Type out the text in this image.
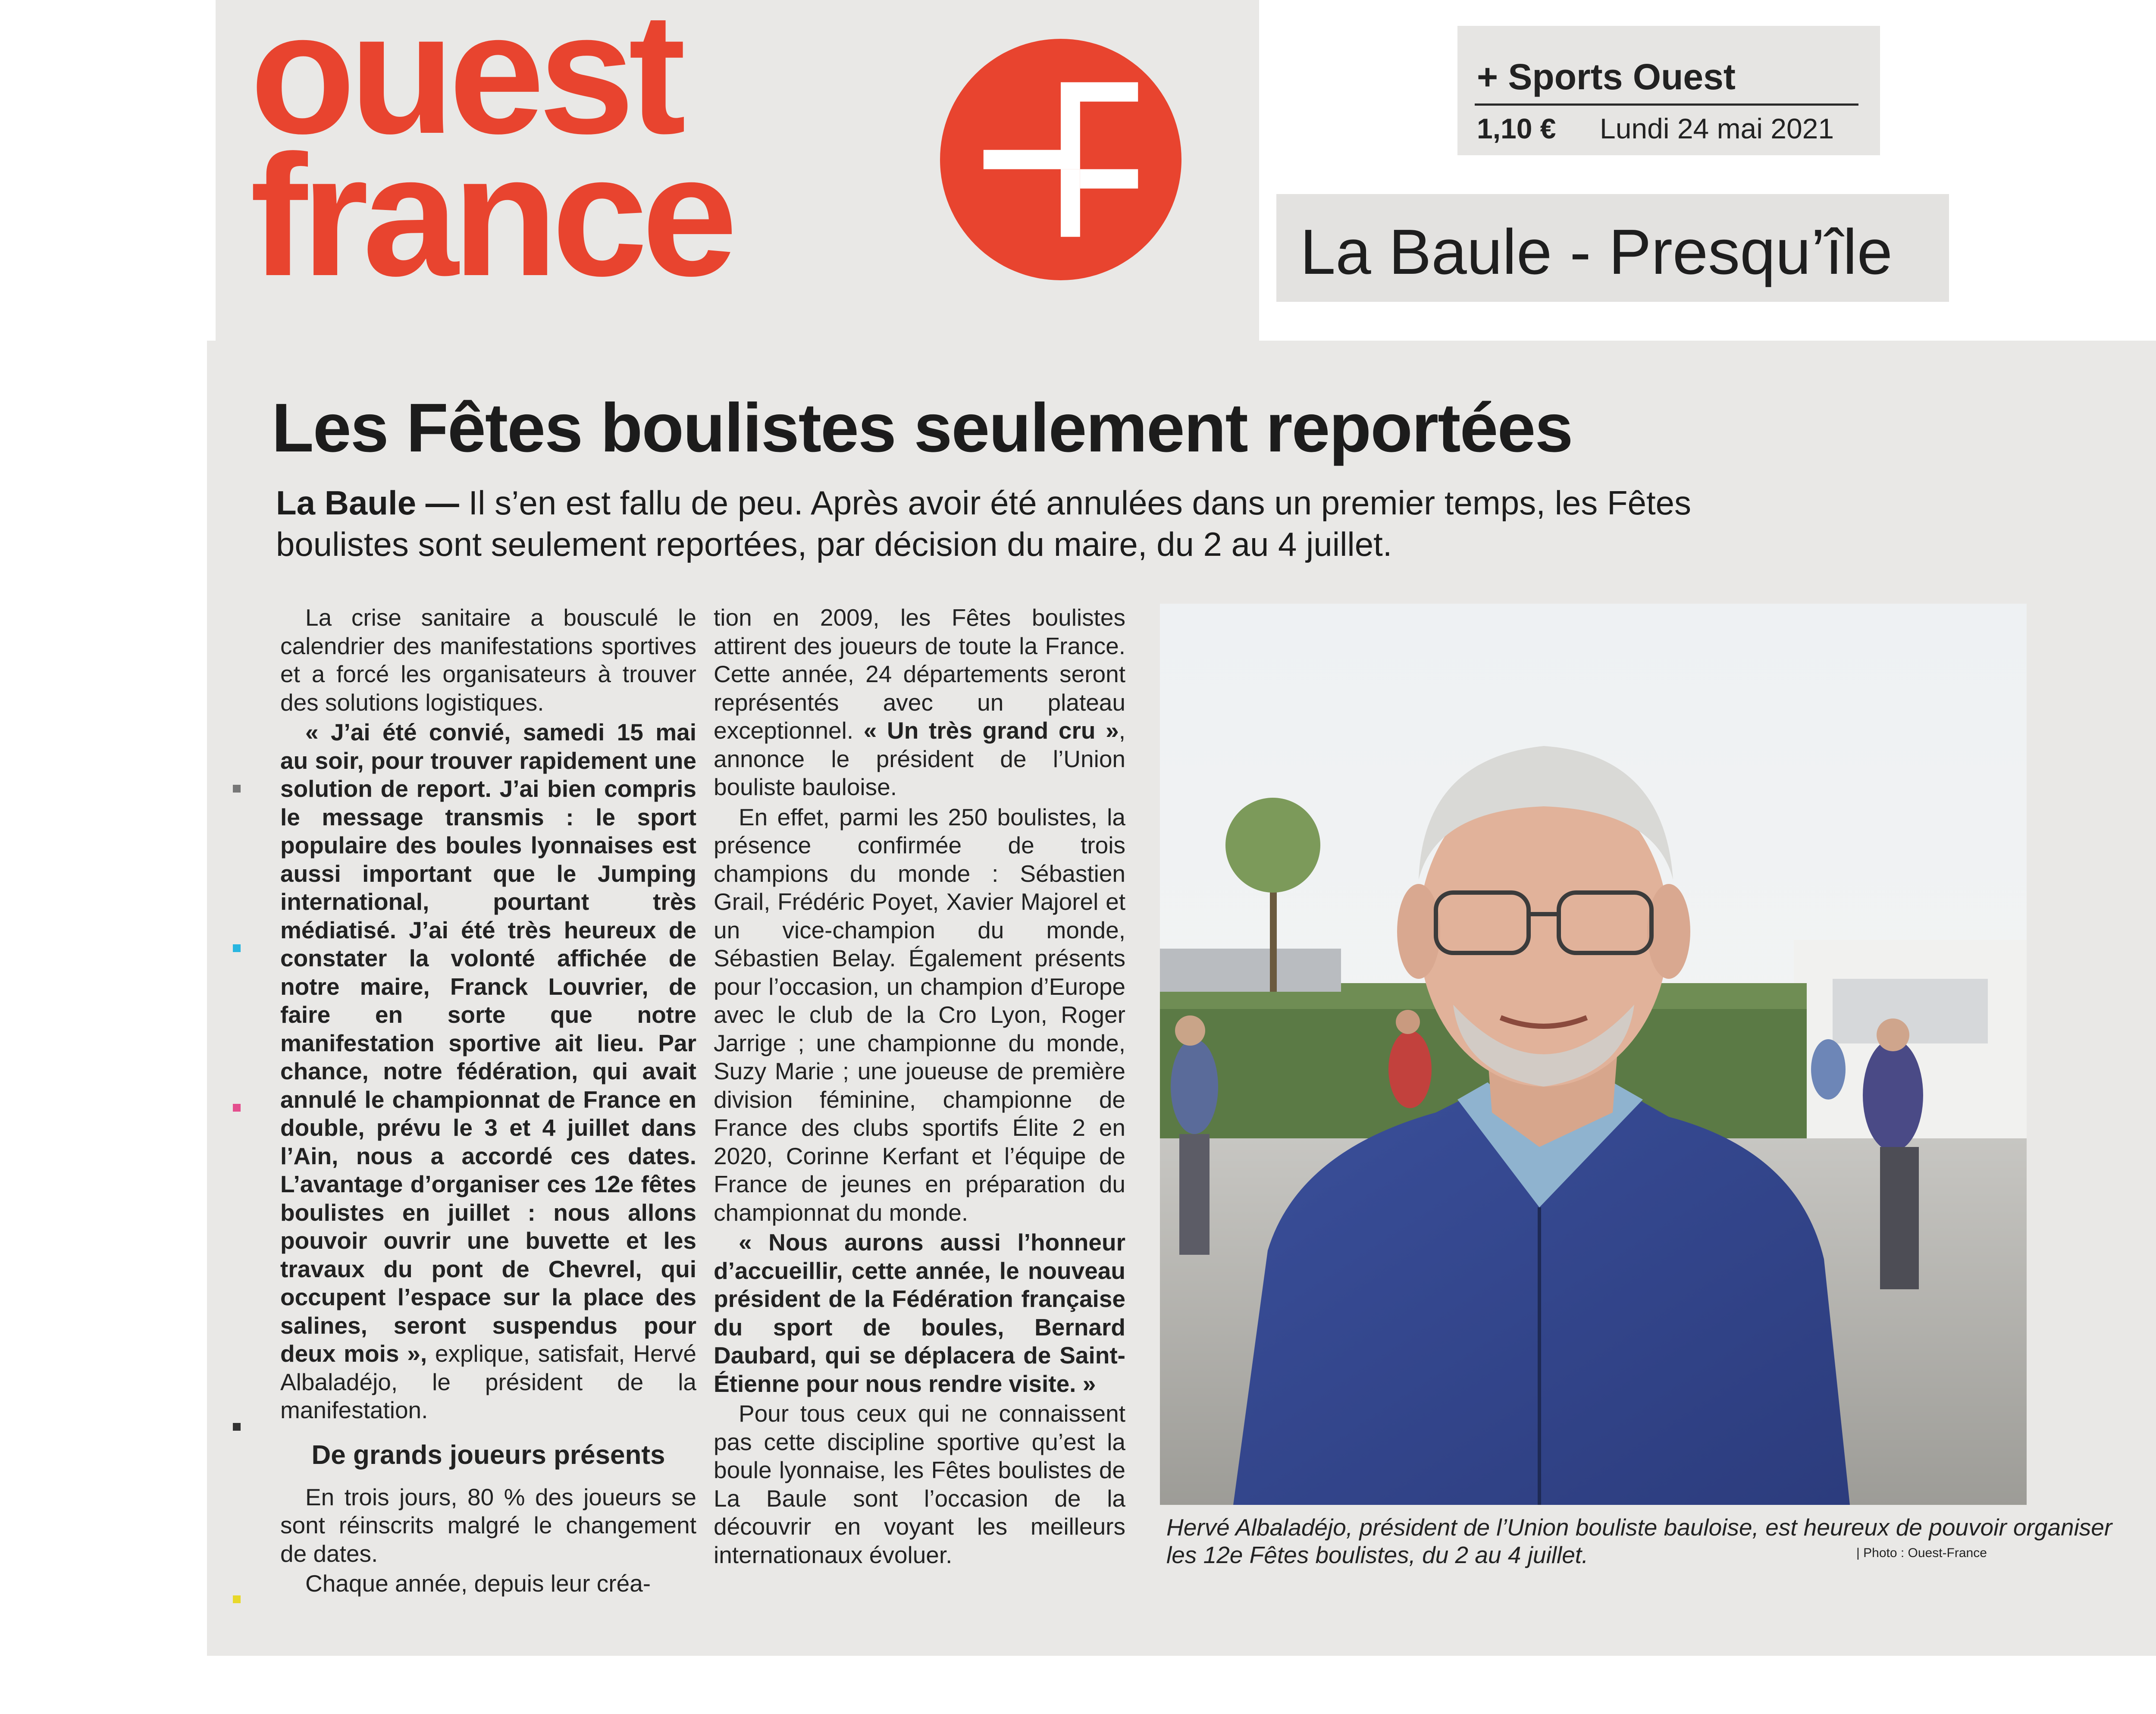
ouest
france
+ Sports Ouest
1,10 € Lundi 24 mai 2021
La Baule - Presqu’île
Les Fêtes boulistes seulement reportées
La Baule — Il s’en est fallu de peu. Après avoir été annulées dans un premier temps, les Fêtes
boulistes sont seulement reportées, par décision du maire, du 2 au 4 juillet.

La crise sanitaire a bousculé le calendrier des manifestations sportives et a forcé les organisateurs à trouver des solutions logistiques.

« J’ai été convié, samedi 15 mai au soir, pour trouver rapidement une solution de report. J’ai bien compris le message transmis : le sport populaire des boules lyonnaises est aussi important que le Jumping international, pourtant très médiatisé. J’ai été très heureux de constater la volonté affichée de notre maire, Franck Louvrier, de faire en sorte que notre manifestation sportive ait lieu. Par chance, notre fédération, qui avait annulé le championnat de France en double, prévu le 3 et 4 juillet dans l’Ain, nous a accordé ces dates. L’avantage d’organiser ces 12e fêtes boulistes en juillet : nous allons pouvoir ouvrir une buvette et les travaux du pont de Chevrel, qui occupent l’espace sur la place des salines, seront suspendus pour deux mois », explique, satisfait, Hervé Albaladéjo, le président de la manifestation.

De grands joueurs présents

En trois jours, 80 % des joueurs se sont réinscrits malgré le changement de dates.

Chaque année, depuis leur créa-

tion en 2009, les Fêtes boulistes attirent des joueurs de toute la France. Cette année, 24 départements seront représentés avec un plateau exceptionnel. « Un très grand cru », annonce le président de l’Union bouliste bauloise.

En effet, parmi les 250 boulistes, la présence confirmée de trois champions du monde : Sébastien Grail, Frédéric Poyet, Xavier Majorel et un vice-champion du monde, Sébastien Belay. Également présents pour l’occasion, un champion d’Europe avec le club de la Cro Lyon, Roger Jarrige ; une championne du monde, Suzy Marie ; une joueuse de première division féminine, championne de France des clubs sportifs Élite 2 en 2020, Corinne Kerfant et l’équipe de France de jeunes en préparation du championnat du monde.

« Nous aurons aussi l’honneur d’accueillir, cette année, le nouveau président de la Fédération française du sport de boules, Bernard Daubard, qui se déplacera de Saint-Étienne pour nous rendre visite. »

Pour tous ceux qui ne connaissent pas cette discipline sportive qu’est la boule lyonnaise, les Fêtes boulistes de La Baule sont l’occasion de la découvrir en voyant les meilleurs internationaux évoluer.

Hervé Albaladéjo, président de l’Union bouliste bauloise, est heureux de pouvoir organiser les 12e Fêtes boulistes, du 2 au 4 juillet.	| Photo : Ouest-France
